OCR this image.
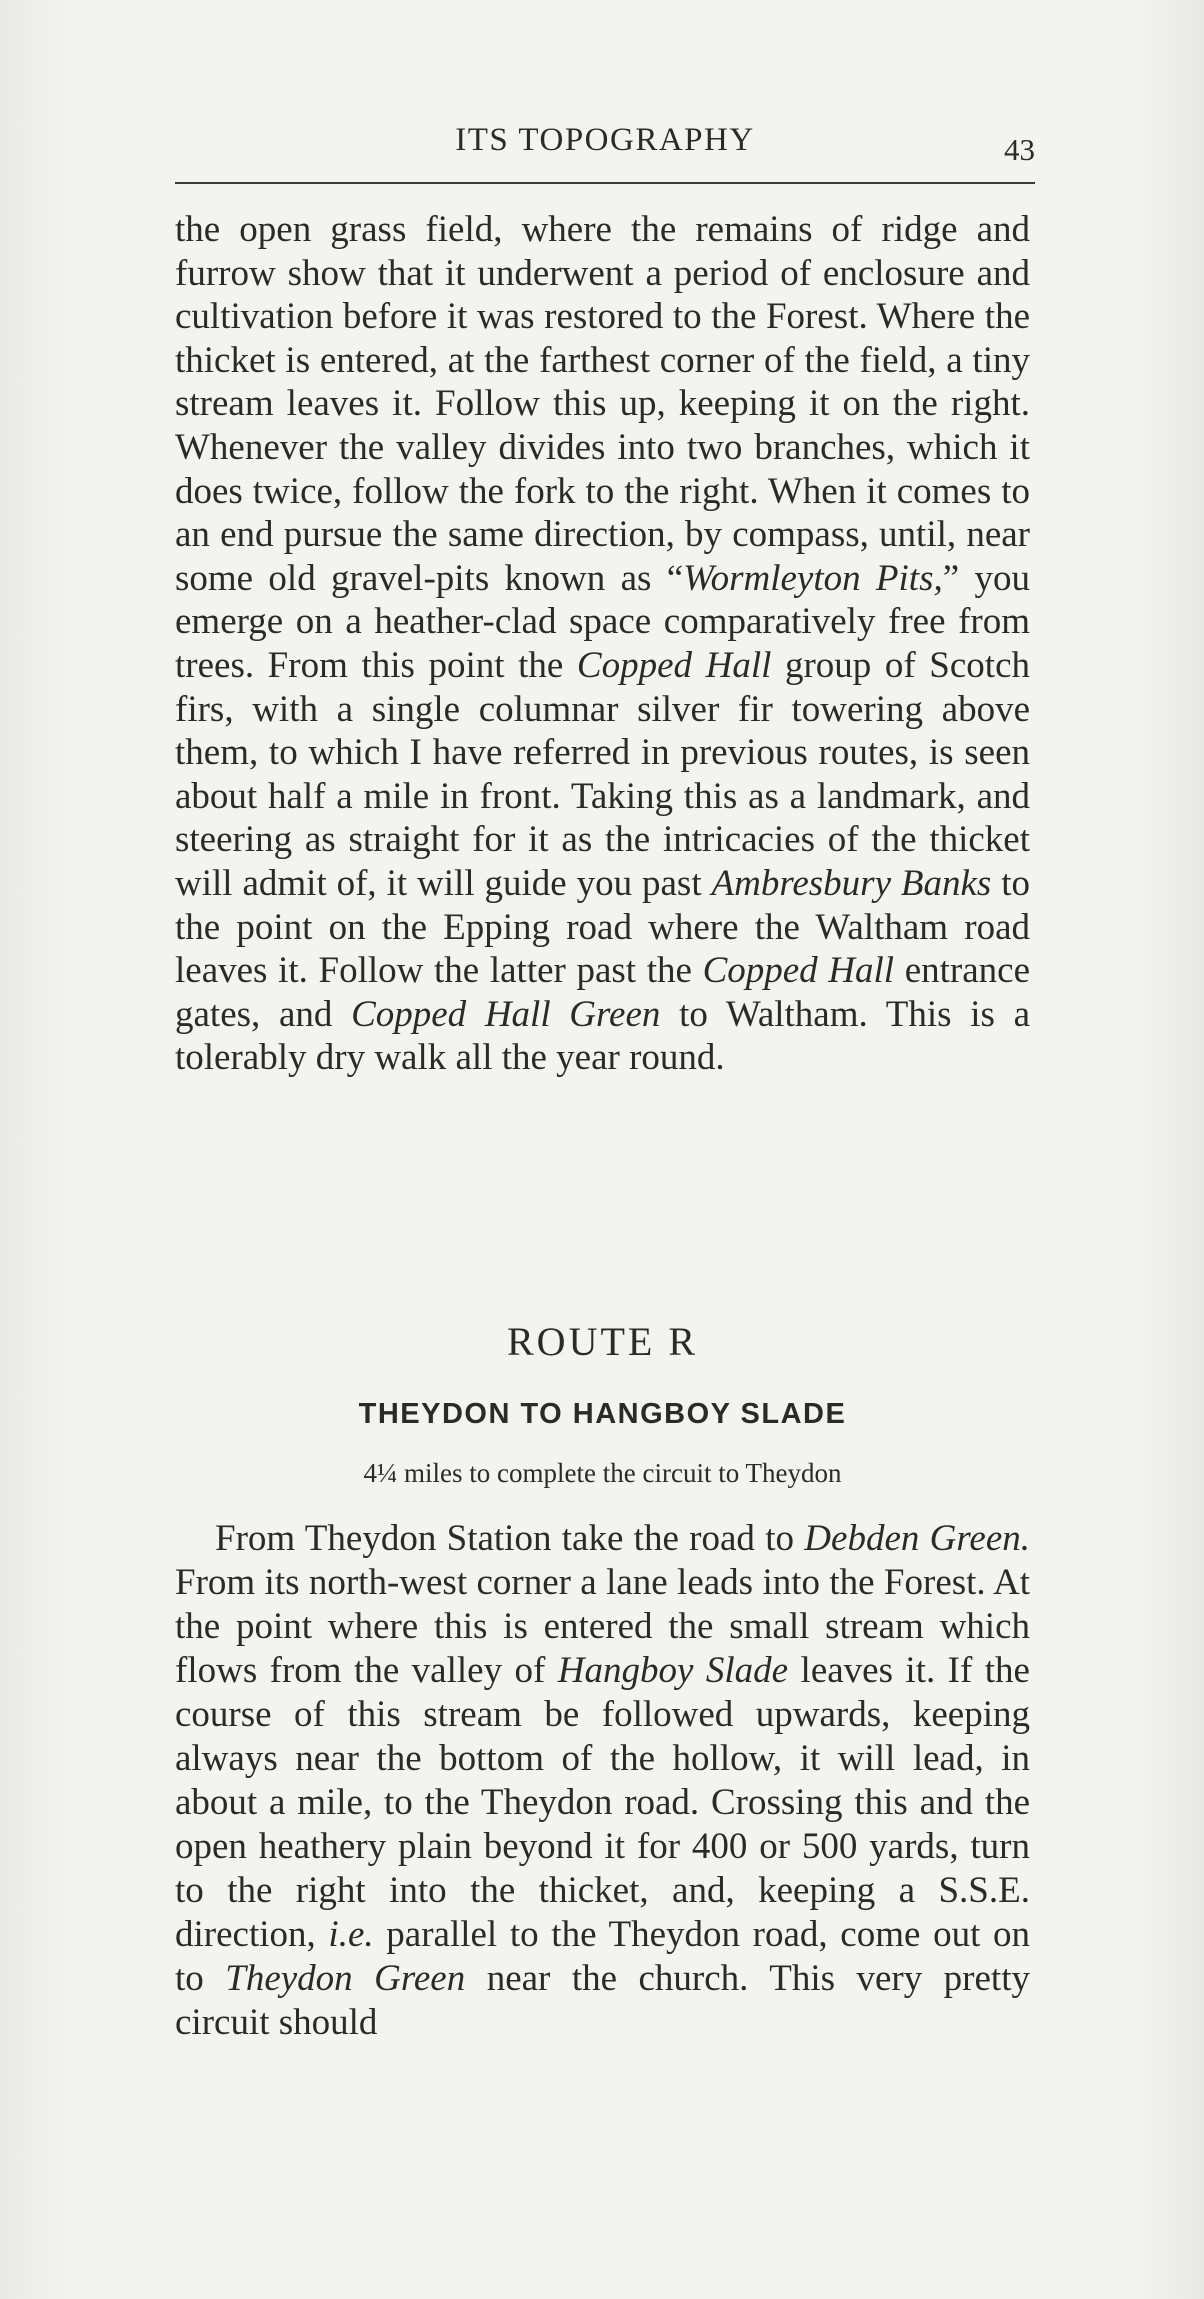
ITS TOPOGRAPHY	43

the open grass field, where the remains of ridge and furrow show that it underwent a period of enclosure and cultivation before it was restored to the Forest. Where the thicket is entered, at the farthest corner of the field, a tiny stream leaves it. Follow this up, keeping it on the right. Whenever the valley divides into two branches, which it does twice, follow the fork to the right. When it comes to an end pursue the same direction, by compass, until, near some old gravel-pits known as “Wormleyton Pits,” you emerge on a heather-clad space comparatively free from trees. From this point the Copped Hall group of Scotch firs, with a single columnar silver fir towering above them, to which I have referred in previous routes, is seen about half a mile in front. Taking this as a landmark, and steering as straight for it as the intricacies of the thicket will admit of, it will guide you past Ambresbury Banks to the point on the Epping road where the Waltham road leaves it. Follow the latter past the Copped Hall entrance gates, and Copped Hall Green to Waltham. This is a tolerably dry walk all the year round.

ROUTE R
THEYDON TO HANGBOY SLADE
4¼ miles to complete the circuit to Theydon

From Theydon Station take the road to Debden Green. From its north-west corner a lane leads into the Forest. At the point where this is entered the small stream which flows from the valley of Hangboy Slade leaves it. If the course of this stream be followed upwards, keeping always near the bottom of the hollow, it will lead, in about a mile, to the Theydon road. Crossing this and the open heathery plain beyond it for 400 or 500 yards, turn to the right into the thicket, and, keeping a S.S.E. direction, i.e. parallel to the Theydon road, come out on to Theydon Green near the church. This very pretty circuit should
